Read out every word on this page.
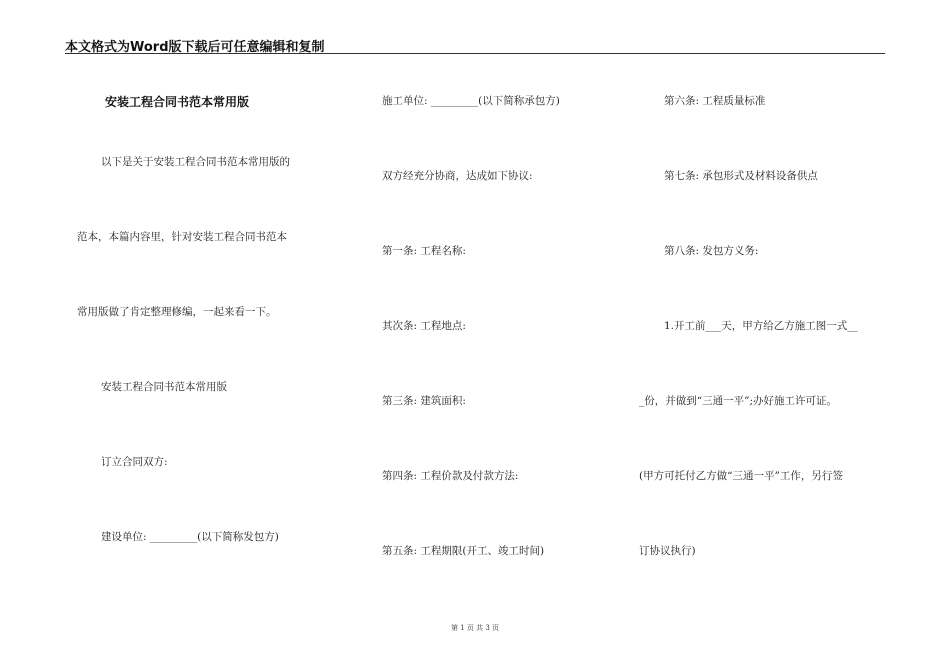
本文格式为Word版下载后可任意编辑和复制
安装工程合同书范本常用版
以下是关于安装工程合同书范本常用版的
范本，本篇内容里，针对安装工程合同书范本
常用版做了肯定整理修编，一起来看一下。
安装工程合同书范本常用版
订立合同双方:
建设单位: _________(以下简称发包方)
施工单位: _________(以下简称承包方)
双方经充分协商，达成如下协议:
第一条: 工程名称:
其次条: 工程地点:
第三条: 建筑面积:
第四条: 工程价款及付款方法:
第五条: 工程期限(开工、竣工时间)
第六条: 工程质量标准
第七条: 承包形式及材料设备供点
第八条: 发包方义务:
1.开工前___天，甲方给乙方施工图一式__
_份，并做到“三通一平”;办好施工许可证。
(甲方可托付乙方做“三通一平”工作，另行签
订协议执行)
第 1 页 共 3 页
